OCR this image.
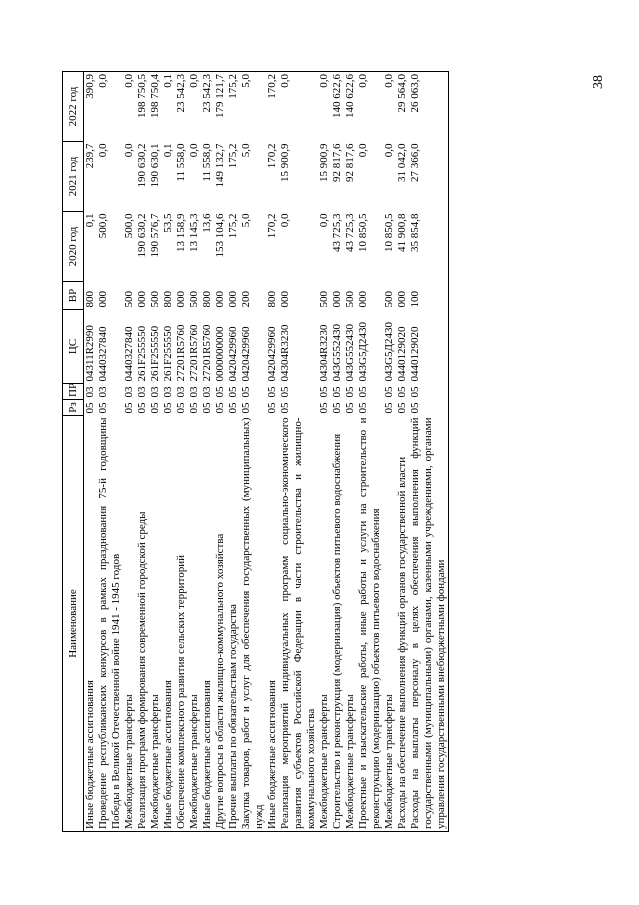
38
Наименование	Рз	ПР	ЦС	ВР	2020 год	2021 год	2022 год
Иные бюджетные ассигнования	05	03	04311R2990	800	0,1	239,7	390,9
Проведение республиканских конкурсов в рамках празднования 75-й годовщины Победы в Великой Отечественной войне 1941 - 1945 годов	05	03	0440327840	000	500,0	0,0	0,0
Межбюджетные трансферты	05	03	0440327840	500	500,0	0,0	0,0
Реализация программ формирования современной городской среды	05	03	261F255550	000	190 630,2	190 630,2	198 750,5
Межбюджетные трансферты	05	03	261F255550	500	190 576,7	190 630,1	198 750,4
Иные бюджетные ассигнования	05	03	261F255550	800	53,5	0,1	0,1
Обеспечение комплексного развития сельских территорий	05	03	27201R5760	000	13 158,9	11 558,0	23 542,3
Межбюджетные трансферты	05	03	27201R5760	500	13 145,3	0,0	0,0
Иные бюджетные ассигнования	05	03	27201R5760	800	13,6	11 558,0	23 542,3
Другие вопросы в области жилищно-коммунального хозяйства	05	05	0000000000	000	153 104,6	149 132,7	179 121,7
Прочие выплаты по обязательствам государства	05	05	0420429960	000	175,2	175,2	175,2
Закупка товаров, работ и услуг для обеспечения государственных (муниципальных) нужд	05	05	0420429960	200	5,0	5,0	5,0
Иные бюджетные ассигнования	05	05	0420429960	800	170,2	170,2	170,2
Реализация мероприятий индивидуальных программ социально-экономического развития субъектов Российской Федерации в части строительства и жилищно-коммунального хозяйства	05	05	04304R3230	000	0,0	15 900,9	0,0
Межбюджетные трансферты	05	05	04304R3230	500	0,0	15 900,9	0,0
Строительство и реконструкция (модернизация) объектов питьевого водоснабжения	05	05	043G552430	000	43 725,3	92 817,6	140 622,6
Межбюджетные трансферты	05	05	043G552430	500	43 725,3	92 817,6	140 622,6
Проектные и изыскательские работы, иные работы и услуги на строительство и реконструкцию (модернизацию) объектов питьевого водоснабжения	05	05	043G5Д2430	000	10 850,5	0,0	0,0
Межбюджетные трансферты	05	05	043G5Д2430	500	10 850,5	0,0	0,0
Расходы на обеспечение выполнения функций органов государственной власти	05	05	0440129020	000	41 900,8	31 042,0	29 564,0
Расходы на выплаты персоналу в целях обеспечения выполнения функций государственными (муниципальными) органами, казенными учреждениями, органами управления государственными внебюджетными фондами	05	05	0440129020	100	35 854,8	27 366,0	26 063,0
